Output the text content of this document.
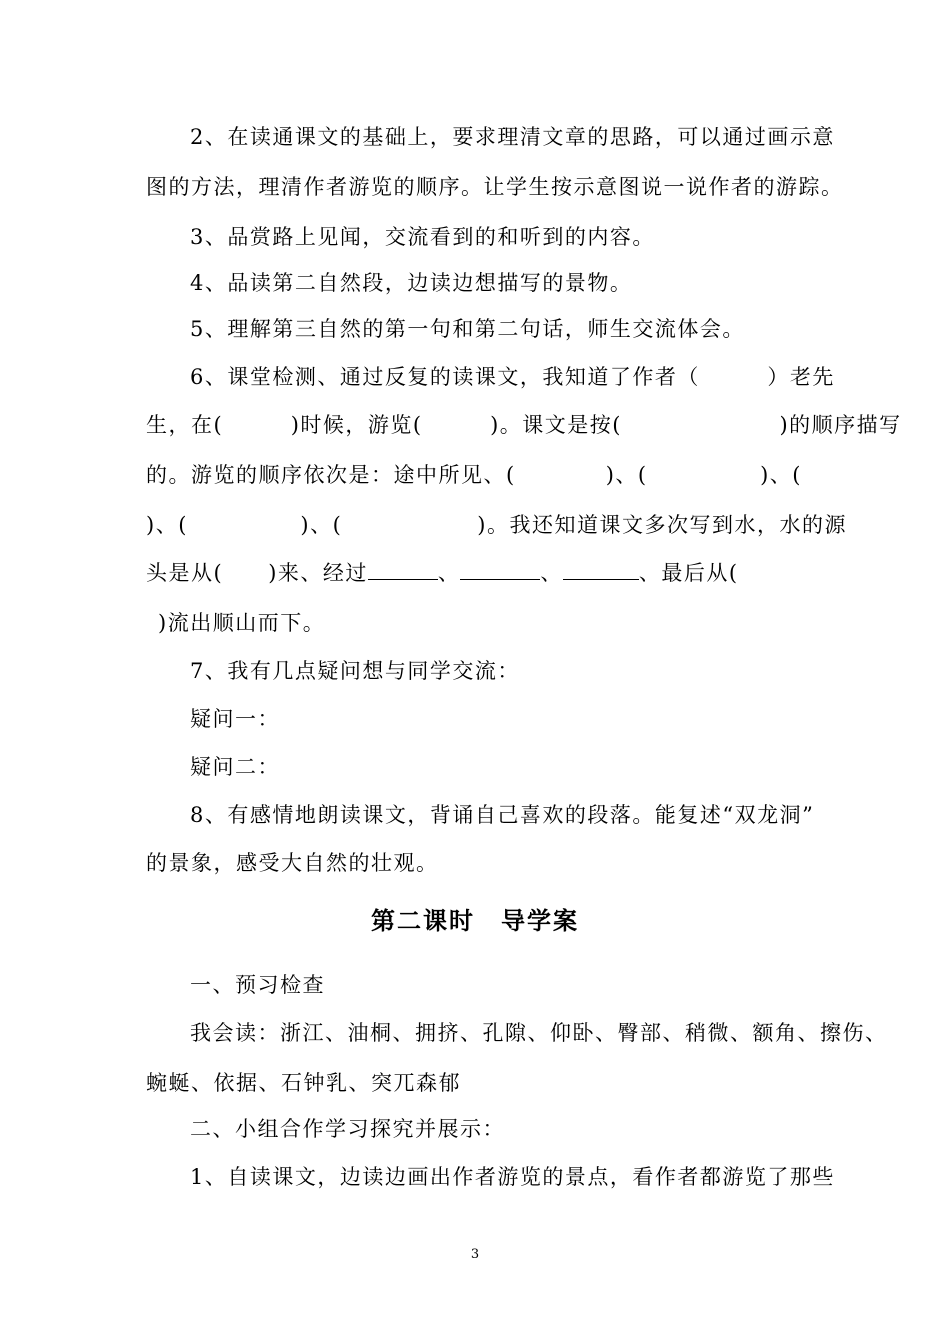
2、在读通课文的基础上，要求理清文章的思路，可以通过画示意
图的方法，理清作者游览的顺序。让学生按示意图说一说作者的游踪。
3、品赏路上见闻，交流看到的和听到的内容。
4、品读第二自然段，边读边想描写的景物。
5、理解第三自然的第一句和第二句话，师生交流体会。
6、课堂检测、通过反复的读课文，我知道了作者（　　　）老先
生，在(　　　)时候，游览(　　　)。课文是按(　　　　　　　)的顺序描写
的。游览的顺序依次是：途中所见、(　　　　)、(　　　　　)、(
)、(　　　　　)、(　　　　　　)。我还知道课文多次写到水，水的源
头是从(　　)来、经过	、	、	、最后从(
)流出顺山而下。
7、我有几点疑问想与同学交流：
疑问一：
疑问二：
8、有感情地朗读课文，背诵自己喜欢的段落。能复述“双龙洞”
的景象，感受大自然的壮观。
第二课时　导学案
一、预习检查
我会读：浙江、油桐、拥挤、孔隙、仰卧、臀部、稍微、额角、擦伤、
蜿蜒、依据、石钟乳、突兀森郁
二、小组合作学习探究并展示：
1、自读课文，边读边画出作者游览的景点，看作者都游览了那些
3
